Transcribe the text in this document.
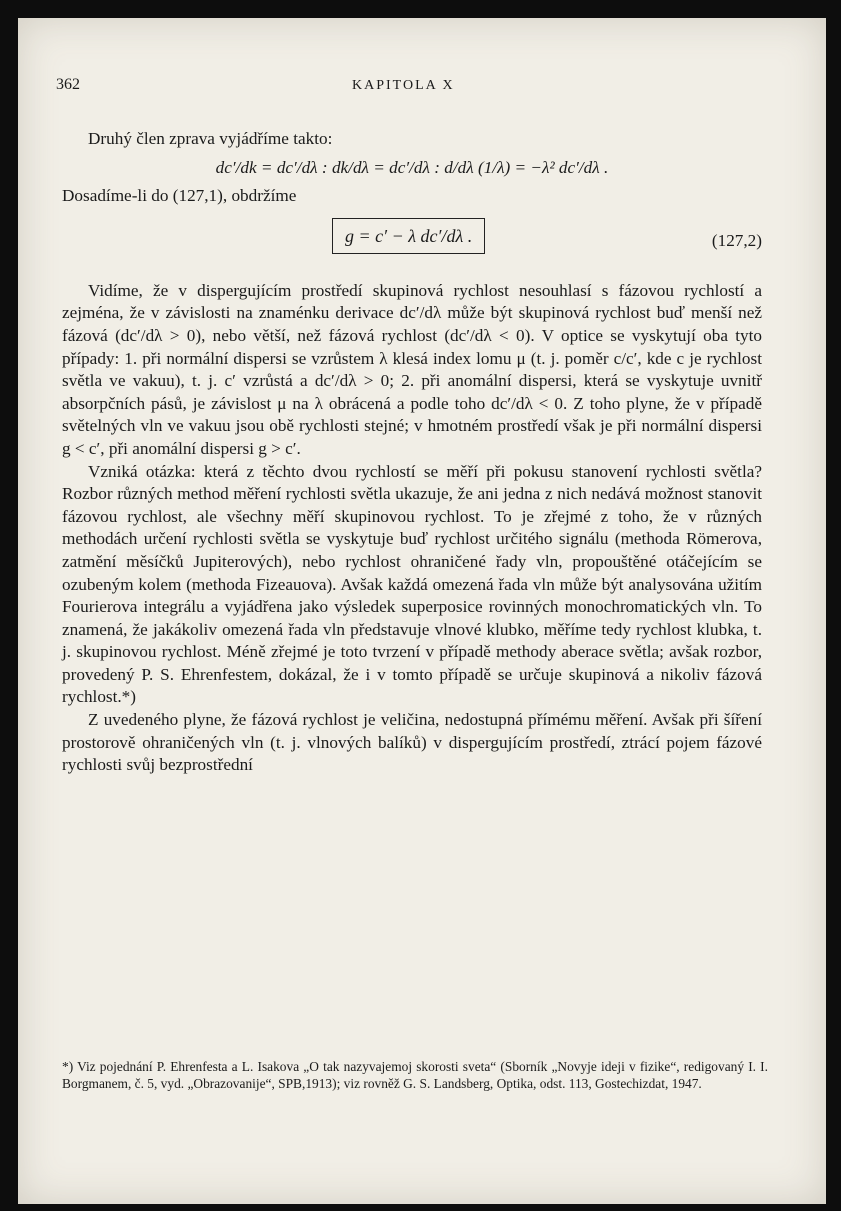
362	KAPITOLA X

Druhý člen zprava vyjádříme takto:

dc′/dk = dc′/dλ : dk/dλ = dc′/dλ : d/dλ (1/λ) = −λ² dc′/dλ .

Dosadíme-li do (127,1), obdržíme

g = c′ − λ dc′/dλ .	(127,2)

Vidíme, že v dispergujícím prostředí skupinová rychlost nesouhlasí s fázovou rychlostí a zejména, že v závislosti na znaménku derivace dc′/dλ může být skupinová rychlost buď menší než fázová (dc′/dλ > 0), nebo větší, než fázová rychlost (dc′/dλ < 0). V optice se vyskytují oba tyto případy: 1. při normální dispersi se vzrůstem λ klesá index lomu μ (t. j. poměr c/c′, kde c je rychlost světla ve vakuu), t. j. c′ vzrůstá a dc′/dλ > 0; 2. při anomální dispersi, která se vyskytuje uvnitř absorpčních pásů, je závislost μ na λ obrácená a podle toho dc′/dλ < 0. Z toho plyne, že v případě světelných vln ve vakuu jsou obě rychlosti stejné; v hmotném prostředí však je při normální dispersi g < c′, při anomální dispersi g > c′.

Vzniká otázka: která z těchto dvou rychlostí se měří při pokusu stanovení rychlosti světla? Rozbor různých method měření rychlosti světla ukazuje, že ani jedna z nich nedává možnost stanovit fázovou rychlost, ale všechny měří skupinovou rychlost. To je zřejmé z toho, že v různých methodách určení rychlosti světla se vyskytuje buď rychlost určitého signálu (methoda Römerova, zatmění měsíčků Jupiterových), nebo rychlost ohraničené řady vln, propouštěné otáčejícím se ozubeným kolem (methoda Fizeauova). Avšak každá omezená řada vln může být analysována užitím Fourierova integrálu a vyjádřena jako výsledek superposice rovinných monochromatických vln. To znamená, že jakákoliv omezená řada vln představuje vlnové klubko, měříme tedy rychlost klubka, t. j. skupinovou rychlost. Méně zřejmé je toto tvrzení v případě methody aberace světla; avšak rozbor, provedený P. S. Ehrenfestem, dokázal, že i v tomto případě se určuje skupinová a nikoliv fázová rychlost.*)

Z uvedeného plyne, že fázová rychlost je veličina, nedostupná přímému měření. Avšak při šíření prostorově ohraničených vln (t. j. vlnových balíků) v dispergujícím prostředí, ztrácí pojem fázové rychlosti svůj bezprostřední

*) Viz pojednání P. Ehrenfesta a L. Isakova „O tak nazyvajemoj skorosti sveta“ (Sborník „Novyje ideji v fizike“, redigovaný I. I. Borgmanem, č. 5, vyd. „Obrazovanije“, SPB,1913); viz rovněž G. S. Landsberg, Optika, odst. 113, Gostechizdat, 1947.
